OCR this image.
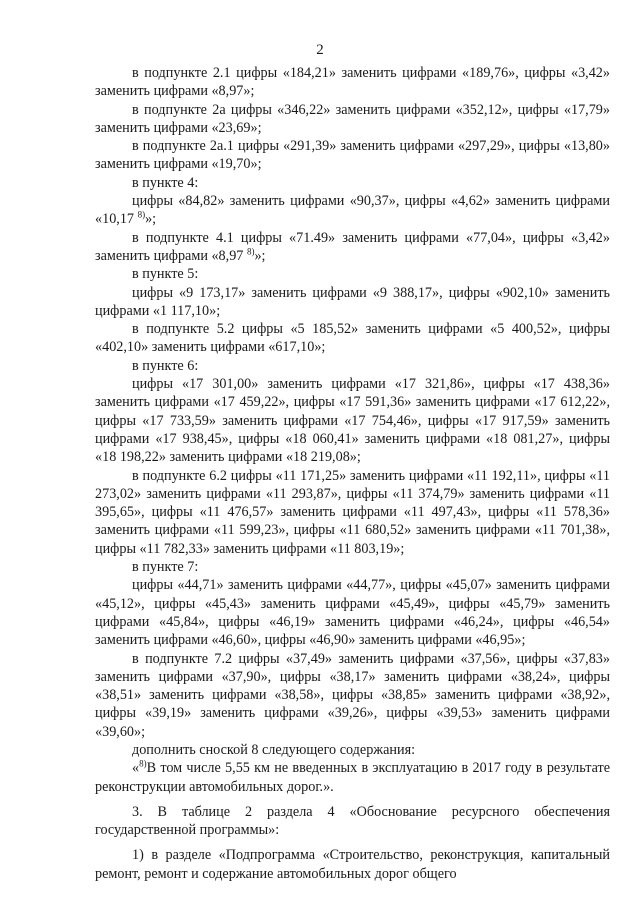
2

в подпункте 2.1 цифры «184,21» заменить цифрами «189,76», цифры «3,42» заменить цифрами «8,97»;

в подпункте 2а цифры «346,22» заменить цифрами «352,12», цифры «17,79» заменить цифрами «23,69»;

в подпункте 2а.1 цифры «291,39» заменить цифрами «297,29», цифры «13,80» заменить цифрами «19,70»;

в пункте 4:

цифры «84,82» заменить цифрами «90,37», цифры «4,62» заменить цифрами «10,17 $^{8)}$»;

в подпункте 4.1 цифры «71.49» заменить цифрами «77,04», цифры «3,42» заменить цифрами «8,97 $^{8)}$»;

в пункте 5:

цифры «9 173,17» заменить цифрами «9 388,17», цифры «902,10» заменить цифрами «1 117,10»;

в подпункте 5.2 цифры «5 185,52» заменить цифрами «5 400,52», цифры «402,10» заменить цифрами «617,10»;

в пункте 6:

цифры «17 301,00» заменить цифрами «17 321,86», цифры «17 438,36» заменить цифрами «17 459,22», цифры «17 591,36» заменить цифрами «17 612,22», цифры «17 733,59» заменить цифрами «17 754,46», цифры «17 917,59» заменить цифрами «17 938,45», цифры «18 060,41» заменить цифрами «18 081,27», цифры «18 198,22» заменить цифрами «18 219,08»;

в подпункте 6.2 цифры «11 171,25» заменить цифрами «11 192,11», цифры «11 273,02» заменить цифрами «11 293,87», цифры «11 374,79» заменить цифрами «11 395,65», цифры «11 476,57» заменить цифрами «11 497,43», цифры «11 578,36» заменить цифрами «11 599,23», цифры «11 680,52» заменить цифрами «11 701,38», цифры «11 782,33» заменить цифрами «11 803,19»;

в пункте 7:

цифры «44,71» заменить цифрами «44,77», цифры «45,07» заменить цифрами «45,12», цифры «45,43» заменить цифрами «45,49», цифры «45,79» заменить цифрами «45,84», цифры «46,19» заменить цифрами «46,24», цифры «46,54» заменить цифрами «46,60», цифры «46,90» заменить цифрами «46,95»;

в подпункте 7.2 цифры «37,49» заменить цифрами «37,56», цифры «37,83» заменить цифрами «37,90», цифры «38,17» заменить цифрами «38,24», цифры «38,51» заменить цифрами «38,58», цифры «38,85» заменить цифрами «38,92», цифры «39,19» заменить цифрами «39,26», цифры «39,53» заменить цифрами «39,60»;

дополнить сноской 8 следующего содержания:

«$^{8)}$В том числе 5,55 км не введенных в эксплуатацию в 2017 году в результате реконструкции автомобильных дорог.».

3. В таблице 2 раздела 4 «Обоснование ресурсного обеспечения государственной программы»:

1) в разделе «Подпрограмма «Строительство, реконструкция, капитальный ремонт, ремонт и содержание автомобильных дорог общего
